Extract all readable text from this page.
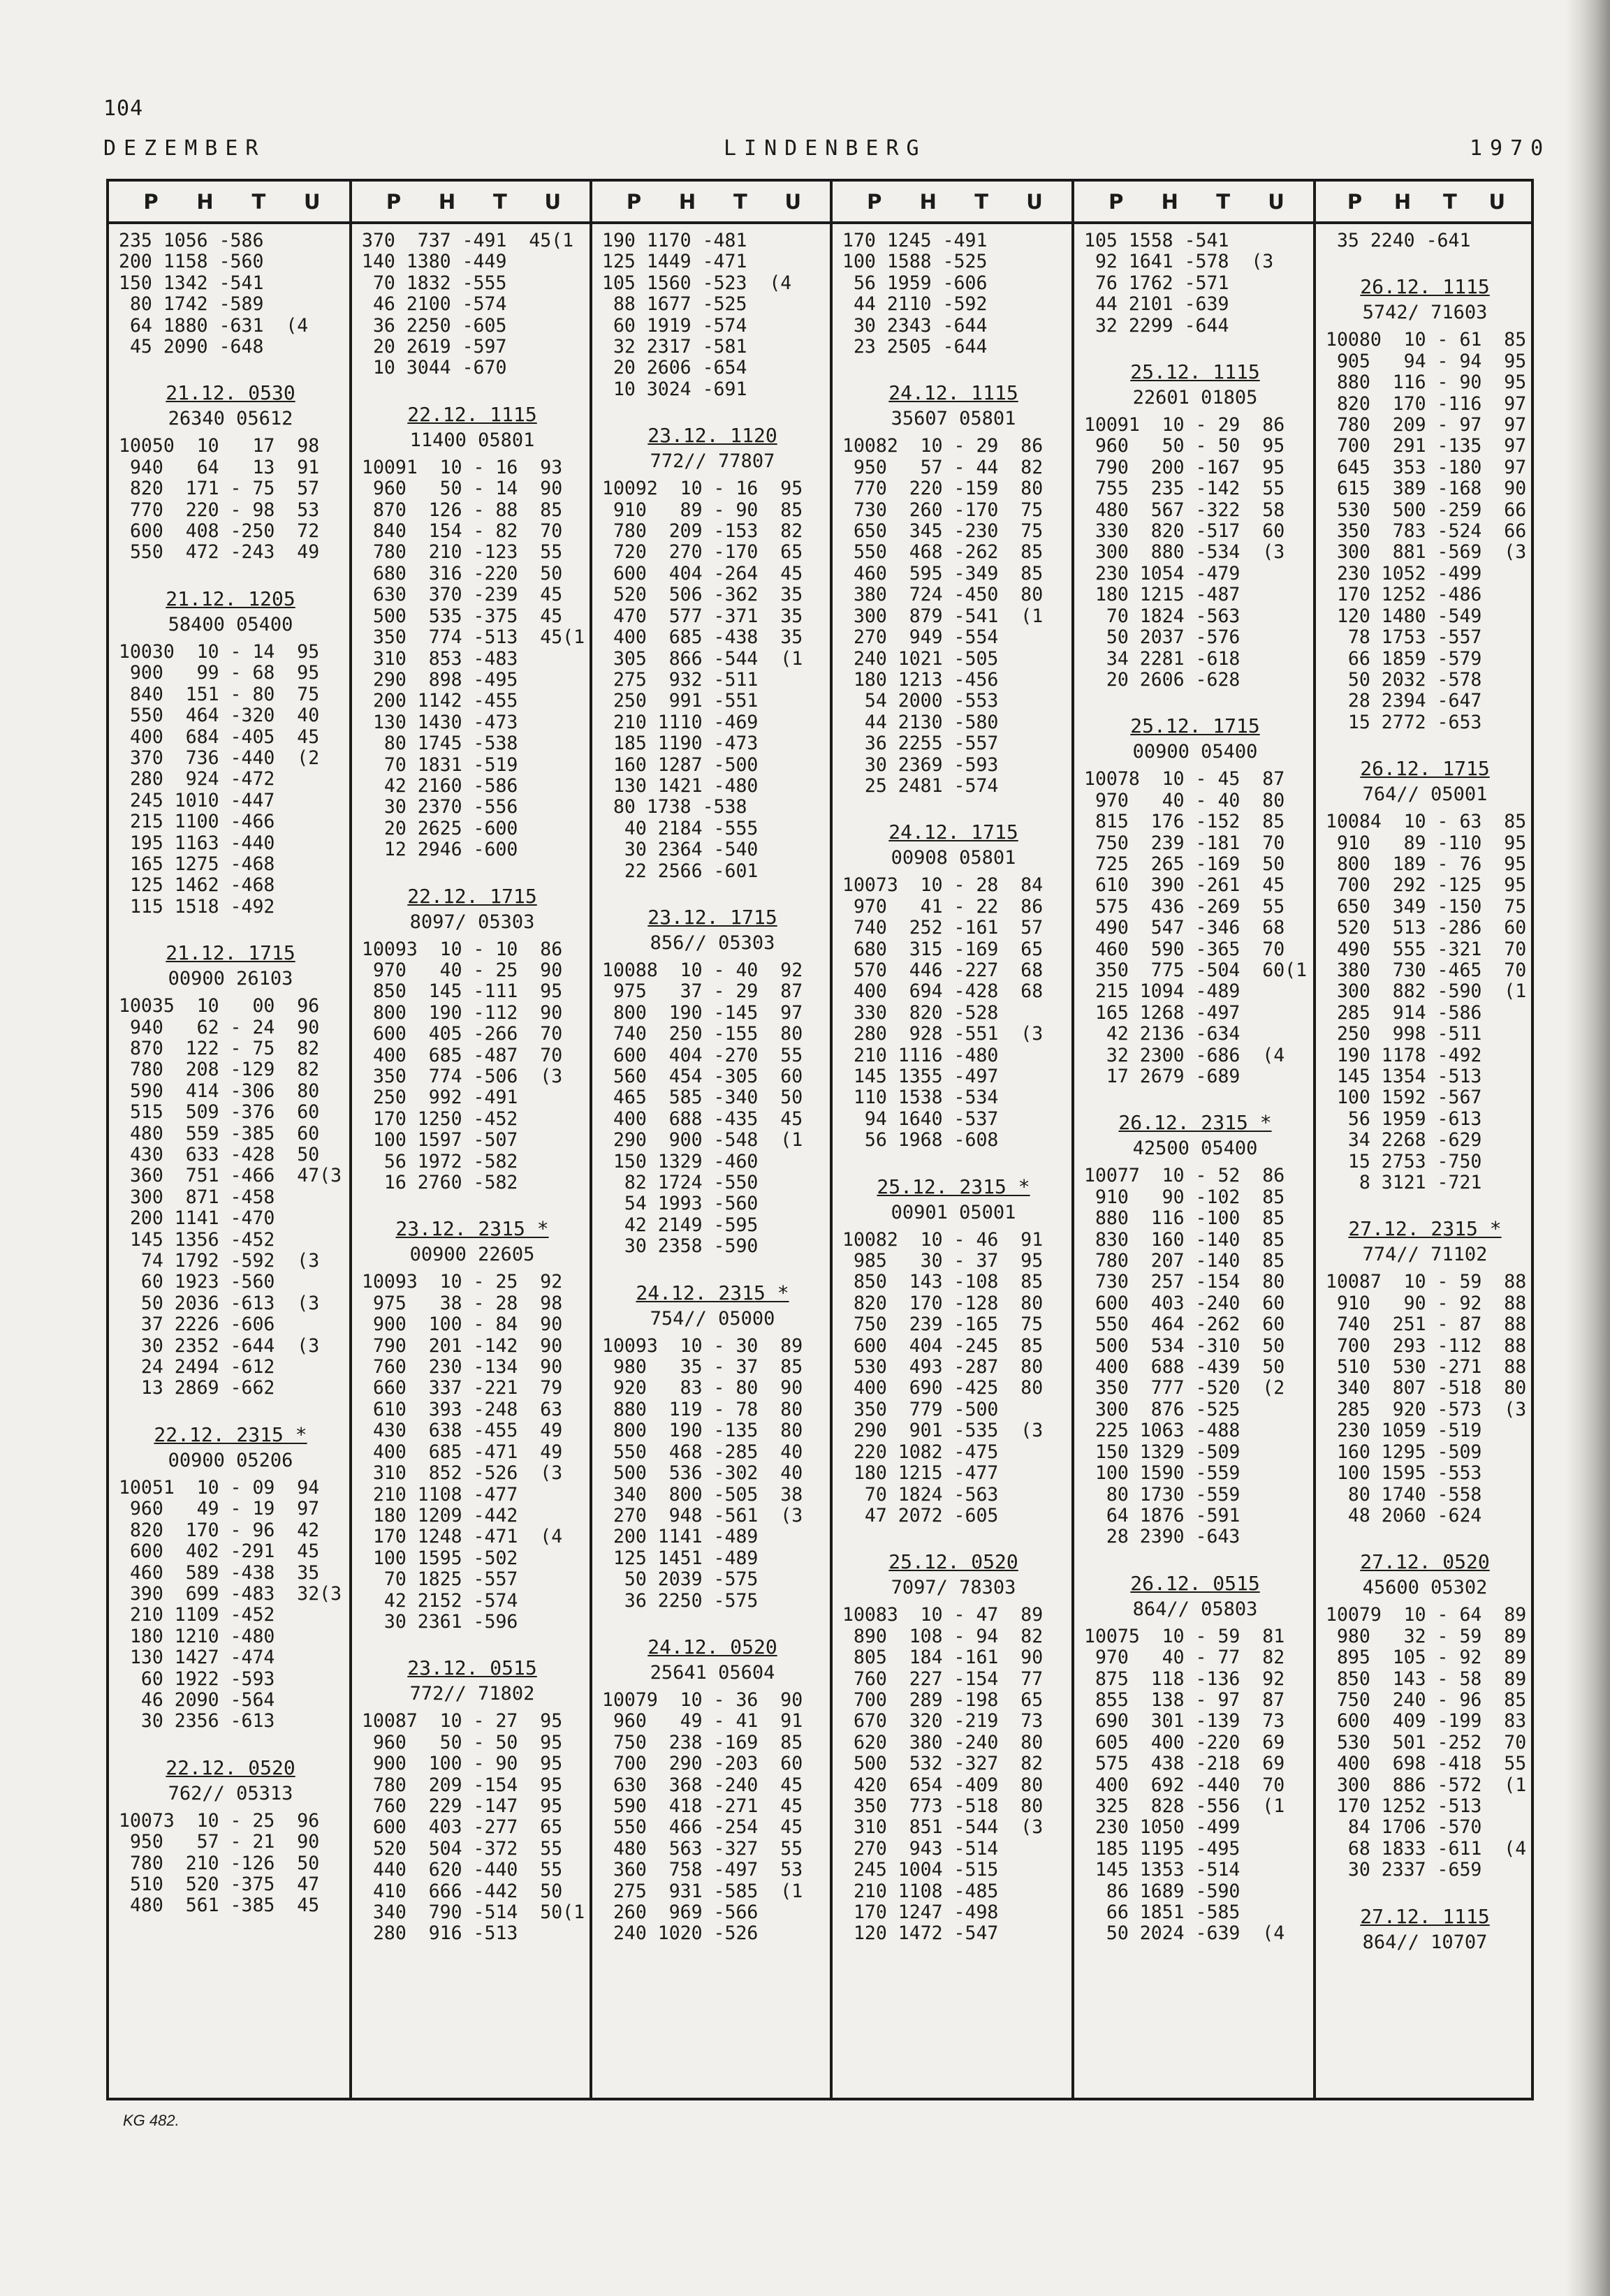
104
DEZEMBER	LINDENBERG	1970
P H T U
235 1056 -586
200 1158 -560
150 1342 -541
80 1742 -589
64 1880 -631  (4
45 2090 -648
21.12. 0530
26340 05612
10050  10   17  98
940   64   13  91
820  171 - 75  57
770  220 - 98  53
600  408 -250  72
550  472 -243  49
21.12. 1205
58400 05400
10030  10 - 14  95
900   99 - 68  95
840  151 - 80  75
550  464 -320  40
400  684 -405  45
370  736 -440  (2
280  924 -472
245 1010 -447
215 1100 -466
195 1163 -440
165 1275 -468
125 1462 -468
115 1518 -492
21.12. 1715
00900 26103
10035  10   00  96
940   62 - 24  90
870  122 - 75  82
780  208 -129  82
590  414 -306  80
515  509 -376  60
480  559 -385  60
430  633 -428  50
360  751 -466  47(3
300  871 -458
200 1141 -470
145 1356 -452
74 1792 -592  (3
60 1923 -560
50 2036 -613  (3
37 2226 -606
30 2352 -644  (3
24 2494 -612
13 2869 -662
22.12. 2315 *
00900 05206
10051  10 - 09  94
960   49 - 19  97
820  170 - 96  42
600  402 -291  45
460  589 -438  35
390  699 -483  32(3
210 1109 -452
180 1210 -480
130 1427 -474
60 1922 -593
46 2090 -564
30 2356 -613
22.12. 0520
762// 05313
10073  10 - 25  96
950   57 - 21  90
780  210 -126  50
510  520 -375  47
480  561 -385  45
P H T U
370  737 -491  45(1
140 1380 -449
70 1832 -555
46 2100 -574
36 2250 -605
20 2619 -597
10 3044 -670
22.12. 1115
11400 05801
10091  10 - 16  93
960   50 - 14  90
870  126 - 88  85
840  154 - 82  70
780  210 -123  55
680  316 -220  50
630  370 -239  45
500  535 -375  45
350  774 -513  45(1
310  853 -483
290  898 -495
200 1142 -455
130 1430 -473
80 1745 -538
70 1831 -519
42 2160 -586
30 2370 -556
20 2625 -600
12 2946 -600
22.12. 1715
8097/ 05303
10093  10 - 10  86
970   40 - 25  90
850  145 -111  95
800  190 -112  90
600  405 -266  70
400  685 -487  70
350  774 -506  (3
250  992 -491
170 1250 -452
100 1597 -507
56 1972 -582
16 2760 -582
23.12. 2315 *
00900 22605
10093  10 - 25  92
975   38 - 28  98
900  100 - 84  90
790  201 -142  90
760  230 -134  90
660  337 -221  79
610  393 -248  63
430  638 -455  49
400  685 -471  49
310  852 -526  (3
210 1108 -477
180 1209 -442
170 1248 -471  (4
100 1595 -502
70 1825 -557
42 2152 -574
30 2361 -596
23.12. 0515
772// 71802
10087  10 - 27  95
960   50 - 50  95
900  100 - 90  95
780  209 -154  95
760  229 -147  95
600  403 -277  65
520  504 -372  55
440  620 -440  55
410  666 -442  50
340  790 -514  50(1
280  916 -513
P H T U
190 1170 -481
125 1449 -471
105 1560 -523  (4
88 1677 -525
60 1919 -574
32 2317 -581
20 2606 -654
10 3024 -691
23.12. 1120
772// 77807
10092  10 - 16  95
910   89 - 90  85
780  209 -153  82
720  270 -170  65
600  404 -264  45
520  506 -362  35
470  577 -371  35
400  685 -438  35
305  866 -544  (1
275  932 -511
250  991 -551
210 1110 -469
185 1190 -473
160 1287 -500
130 1421 -480
80 1738 -538
40 2184 -555
30 2364 -540
22 2566 -601
23.12. 1715
856// 05303
10088  10 - 40  92
975   37 - 29  87
800  190 -145  97
740  250 -155  80
600  404 -270  55
560  454 -305  60
465  585 -340  50
400  688 -435  45
290  900 -548  (1
150 1329 -460
82 1724 -550
54 1993 -560
42 2149 -595
30 2358 -590
24.12. 2315 *
754// 05000
10093  10 - 30  89
980   35 - 37  85
920   83 - 80  90
880  119 - 78  80
800  190 -135  80
550  468 -285  40
500  536 -302  40
340  800 -505  38
270  948 -561  (3
200 1141 -489
125 1451 -489
50 2039 -575
36 2250 -575
24.12. 0520
25641 05604
10079  10 - 36  90
960   49 - 41  91
750  238 -169  85
700  290 -203  60
630  368 -240  45
590  418 -271  45
550  466 -254  45
480  563 -327  55
360  758 -497  53
275  931 -585  (1
260  969 -566
240 1020 -526
P H T U
170 1245 -491
100 1588 -525
56 1959 -606
44 2110 -592
30 2343 -644
23 2505 -644
24.12. 1115
35607 05801
10082  10 - 29  86
950   57 - 44  82
770  220 -159  80
730  260 -170  75
650  345 -230  75
550  468 -262  85
460  595 -349  85
380  724 -450  80
300  879 -541  (1
270  949 -554
240 1021 -505
180 1213 -456
54 2000 -553
44 2130 -580
36 2255 -557
30 2369 -593
25 2481 -574
24.12. 1715
00908 05801
10073  10 - 28  84
970   41 - 22  86
740  252 -161  57
680  315 -169  65
570  446 -227  68
400  694 -428  68
330  820 -528
280  928 -551  (3
210 1116 -480
145 1355 -497
110 1538 -534
94 1640 -537
56 1968 -608
25.12. 2315 *
00901 05001
10082  10 - 46  91
985   30 - 37  95
850  143 -108  85
820  170 -128  80
750  239 -165  75
600  404 -245  85
530  493 -287  80
400  690 -425  80
350  779 -500
290  901 -535  (3
220 1082 -475
180 1215 -477
70 1824 -563
47 2072 -605
25.12. 0520
7097/ 78303
10083  10 - 47  89
890  108 - 94  82
805  184 -161  90
760  227 -154  77
700  289 -198  65
670  320 -219  73
620  380 -240  80
500  532 -327  82
420  654 -409  80
350  773 -518  80
310  851 -544  (3
270  943 -514
245 1004 -515
210 1108 -485
170 1247 -498
120 1472 -547
P H T U
105 1558 -541
92 1641 -578  (3
76 1762 -571
44 2101 -639
32 2299 -644
25.12. 1115
22601 01805
10091  10 - 29  86
960   50 - 50  95
790  200 -167  95
755  235 -142  55
480  567 -322  58
330  820 -517  60
300  880 -534  (3
230 1054 -479
180 1215 -487
70 1824 -563
50 2037 -576
34 2281 -618
20 2606 -628
25.12. 1715
00900 05400
10078  10 - 45  87
970   40 - 40  80
815  176 -152  85
750  239 -181  70
725  265 -169  50
610  390 -261  45
575  436 -269  55
490  547 -346  68
460  590 -365  70
350  775 -504  60(1
215 1094 -489
165 1268 -497
42 2136 -634
32 2300 -686  (4
17 2679 -689
26.12. 2315 *
42500 05400
10077  10 - 52  86
910   90 -102  85
880  116 -100  85
830  160 -140  85
780  207 -140  85
730  257 -154  80
600  403 -240  60
550  464 -262  60
500  534 -310  50
400  688 -439  50
350  777 -520  (2
300  876 -525
225 1063 -488
150 1329 -509
100 1590 -559
80 1730 -559
64 1876 -591
28 2390 -643
26.12. 0515
864// 05803
10075  10 - 59  81
970   40 - 77  82
875  118 -136  92
855  138 - 97  87
690  301 -139  73
605  400 -220  69
575  438 -218  69
400  692 -440  70
325  828 -556  (1
230 1050 -499
185 1195 -495
145 1353 -514
86 1689 -590
66 1851 -585
50 2024 -639  (4
P H T U
35 2240 -641
26.12. 1115
5742/ 71603
10080  10 - 61  85
905   94 - 94  95
880  116 - 90  95
820  170 -116  97
780  209 - 97  97
700  291 -135  97
645  353 -180  97
615  389 -168  90
530  500 -259  66
350  783 -524  66
300  881 -569  (3
230 1052 -499
170 1252 -486
120 1480 -549
78 1753 -557
66 1859 -579
50 2032 -578
28 2394 -647
15 2772 -653
26.12. 1715
764// 05001
10084  10 - 63  85
910   89 -110  95
800  189 - 76  95
700  292 -125  95
650  349 -150  75
520  513 -286  60
490  555 -321  70
380  730 -465  70
300  882 -590  (1
285  914 -586
250  998 -511
190 1178 -492
145 1354 -513
100 1592 -567
56 1959 -613
34 2268 -629
15 2753 -750
8 3121 -721
27.12. 2315 *
774// 71102
10087  10 - 59  88
910   90 - 92  88
740  251 - 87  88
700  293 -112  88
510  530 -271  88
340  807 -518  80
285  920 -573  (3
230 1059 -519
160 1295 -509
100 1595 -553
80 1740 -558
48 2060 -624
27.12. 0520
45600 05302
10079  10 - 64  89
980   32 - 59  89
895  105 - 92  89
850  143 - 58  89
750  240 - 96  85
600  409 -199  83
530  501 -252  70
400  698 -418  55
300  886 -572  (1
170 1252 -513
84 1706 -570
68 1833 -611  (4
30 2337 -659
27.12. 1115
864// 10707
KG 482.
